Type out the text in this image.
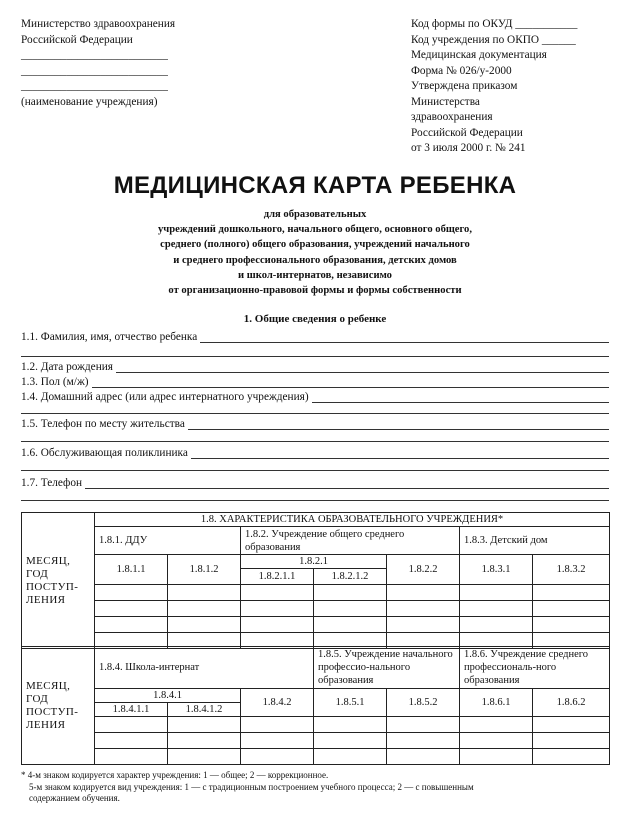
Министерство здравоохранения
Российской Федерации
__________________________
__________________________
__________________________
(наименование учреждения)
Код формы по ОКУД ___________
Код учреждения по ОКПО ______
Медицинская документация
Форма № 026/у-2000
Утверждена приказом
Министерства
здравоохранения
Российской Федерации
от 3 июля 2000 г. № 241
МЕДИЦИНСКАЯ КАРТА РЕБЕНКА
для образовательных
учреждений дошкольного, начального общего, основного общего,
среднего (полного) общего образования, учреждений начального
и среднего профессионального образования, детских домов
и школ-интернатов, независимо
от организационно-правовой формы и формы собственности
1. Общие сведения о ребенке
1.1. Фамилия, имя, отчество ребенка
1.2. Дата рождения
1.3. Пол (м/ж)
1.4. Домашний адрес (или адрес интернатного учреждения)
1.5. Телефон по месту жительства
1.6. Обслуживающая поликлиника
1.7. Телефон
МЕСЯЦ,
ГОД
ПОСТУП-
ЛЕНИЯ	1.8. ХАРАКТЕРИСТИКА ОБРАЗОВАТЕЛЬНОГО УЧРЕЖДЕНИЯ*						
	1.8.1. ДДУ		1.8.2. Учреждение общего среднего образования			1.8.3. Детский дом	
	1.8.1.1	1.8.1.2	1.8.2.1		1.8.2.2	1.8.3.1	1.8.3.2
			1.8.2.1.1	1.8.2.1.2			

МЕСЯЦ,
ГОД
ПОСТУП-
ЛЕНИЯ	1.8.4. Школа-интернат			1.8.5. Учреждение начального профессио-нального образования		1.8.6. Учреждение среднего профессиональ-ного образования	
	1.8.4.1		1.8.4.2	1.8.5.1	1.8.5.2	1.8.6.1	1.8.6.2
	1.8.4.1.1	1.8.4.1.2					

* 4-м знаком кодируется характер учреждения: 1 — общее; 2 — коррекционное.
5-м знаком кодируется вид учреждения: 1 — с традиционным построением учебного процесса; 2 — с повышенным
содержанием обучения.
